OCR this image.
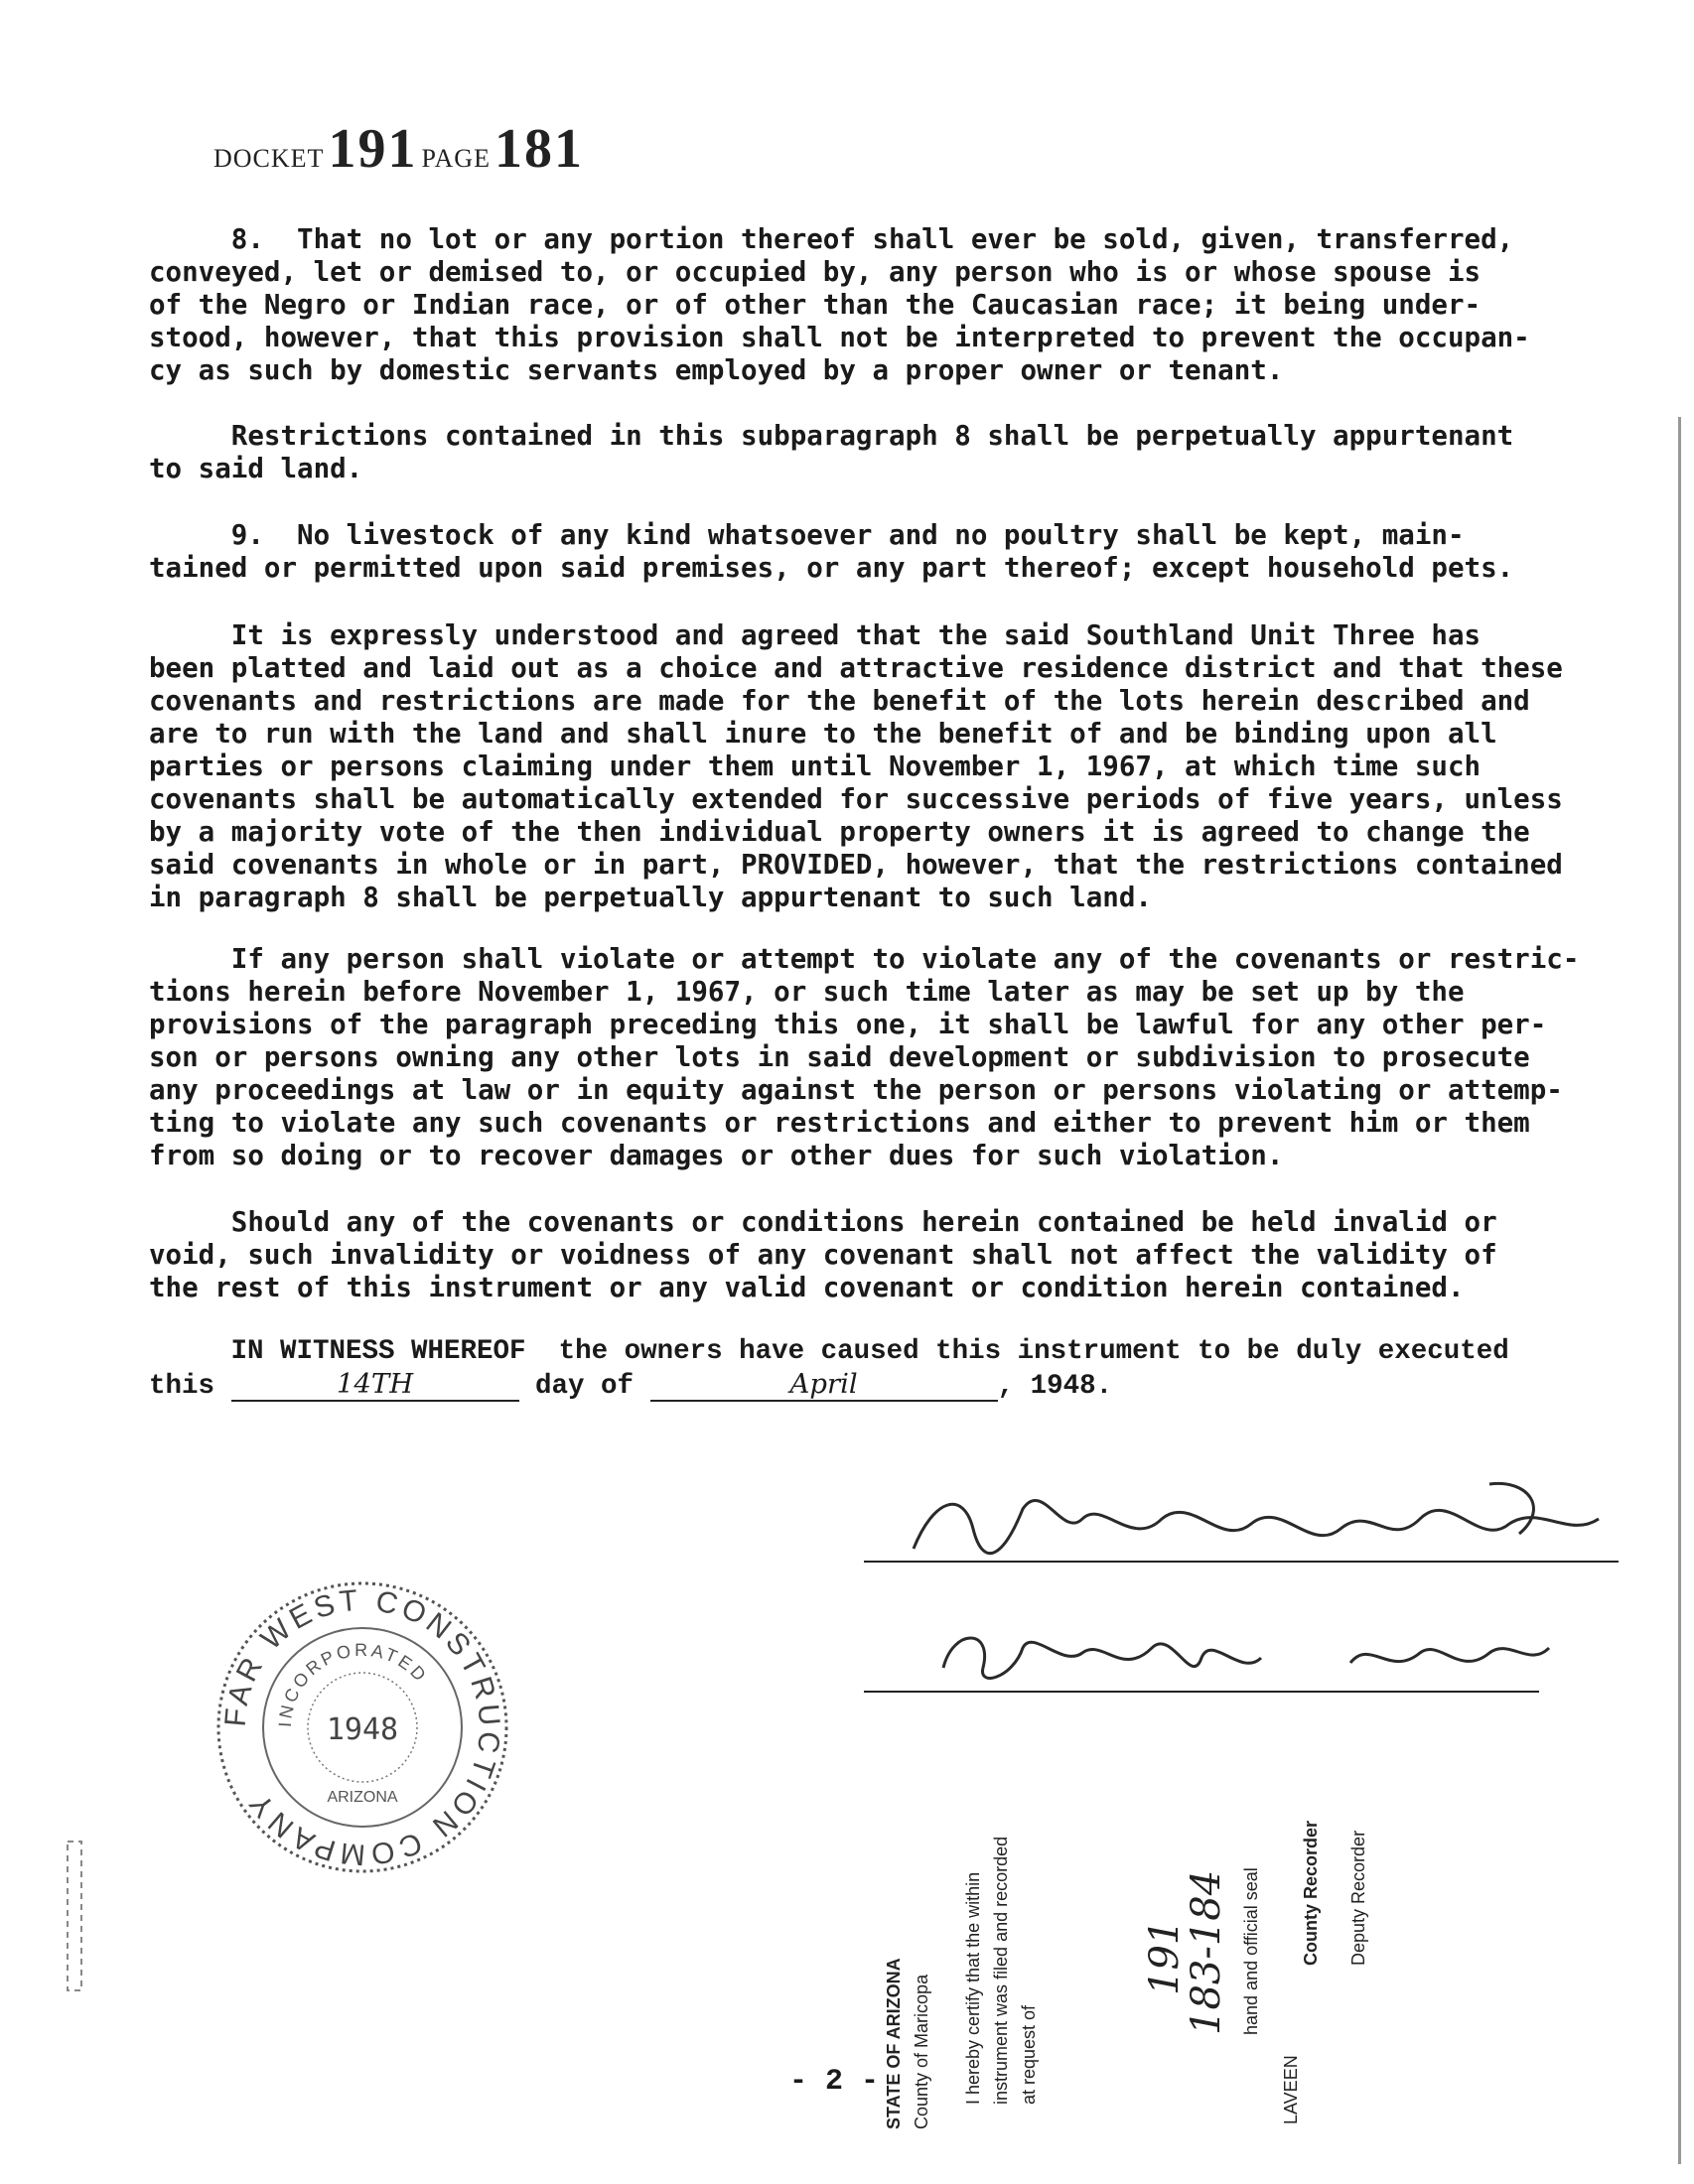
DOCKET 191 PAGE 181
8.  That no lot or any portion thereof shall ever be sold, given, transferred,
conveyed, let or demised to, or occupied by, any person who is or whose spouse is
of the Negro or Indian race, or of other than the Caucasian race; it being under-
stood, however, that this provision shall not be interpreted to prevent the occupan-
cy as such by domestic servants employed by a proper owner or tenant.
Restrictions contained in this subparagraph 8 shall be perpetually appurtenant
to said land.
9.  No livestock of any kind whatsoever and no poultry shall be kept, main-
tained or permitted upon said premises, or any part thereof; except household pets.
It is expressly understood and agreed that the said Southland Unit Three has
been platted and laid out as a choice and attractive residence district and that these
covenants and restrictions are made for the benefit of the lots herein described and
are to run with the land and shall inure to the benefit of and be binding upon all
parties or persons claiming under them until November 1, 1967, at which time such
covenants shall be automatically extended for successive periods of five years, unless
by a majority vote of the then individual property owners it is agreed to change the
said covenants in whole or in part, PROVIDED, however, that the restrictions contained
in paragraph 8 shall be perpetually appurtenant to such land.
If any person shall violate or attempt to violate any of the covenants or restric-
tions herein before November 1, 1967, or such time later as may be set up by the
provisions of the paragraph preceding this one, it shall be lawful for any other per-
son or persons owning any other lots in said development or subdivision to prosecute
any proceedings at law or in equity against the person or persons violating or attemp-
ting to violate any such covenants or restrictions and either to prevent him or them
from so doing or to recover damages or other dues for such violation.
Should any of the covenants or conditions herein contained be held invalid or
void, such invalidity or voidness of any covenant shall not affect the validity of
the rest of this instrument or any valid covenant or condition herein contained.
IN WITNESS WHEREOF  the owners have caused this instrument to be duly executed
this	14TH	day of	April	, 1948.
FAR WEST CONSTRUCTION COMPANY
INCORPORATED
1948
ARIZONA
STATE OF ARIZONA County of Maricopa I hereby certify that the within instrument was filed and recorded at request of
191
183-184 hand and official seal
LAVEEN
County Recorder Deputy Recorder
- 2 -
